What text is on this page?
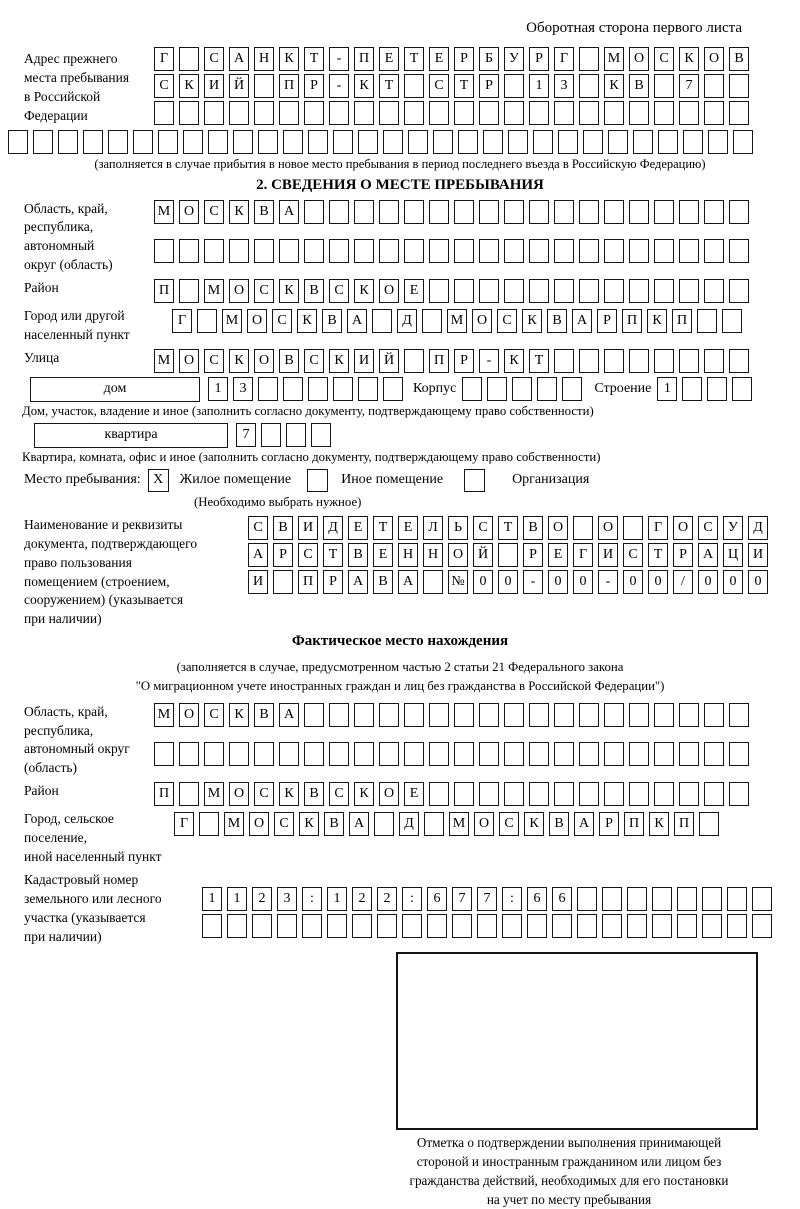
Оборотная сторона первого листа
Адрес прежнего
места пребывания
в Российской
Федерации
Г	С	А	Н	К	Т	-	П	Е	Т	Е	Р	Б	У	Р	Г	М О	С	К	О	В
С	К	И	Й	П	Р	-	К	Т	С	Т	Р	1	3	К	В	7
(заполняется в случае прибытия в новое место пребывания в период последнего въезда в Российскую Федерацию)
2. СВЕДЕНИЯ О МЕСТЕ ПРЕБЫВАНИЯ
Область, край,
республика,
автономный
округ (область)
М О	С	К	В	А
Район	П	М О	С	К	В	С	К	О	Е
Город или другой
населенный пункт
Г	М О	С	К	В	А	Д	М О	С	К	В	А	Р	П	К	П
Улица	М О	С	К	О	В	С	К	И	Й	П	Р	-	К	Т
дом	1	3	Корпус	Строение 1
Дом, участок, владение и иное (заполнить согласно документу, подтверждающему право собственности)
квартира	7
Квартира, комната, офис и иное (заполнить согласно документу, подтверждающему право собственности)
Место пребывания: X	Жилое помещение	Иное помещение	Организация
(Необходимо выбрать нужное)
Наименование и реквизиты
документа, подтверждающего
право пользования
помещением (строением,
сооружением) (указывается
при наличии)
С	В	И	Д	Е	Т	Е	Л	Ь	С	Т	В	О	О	Г	О	С	У	Д
А	Р	С	Т	В	Е	Н	Н	О	Й	Р	Е	Г	И	С	Т	Р	А	Ц	И
И	П	Р	А	В	А	№	0	0	-	0	0	-	0	0	/	0	0	0
Фактическое место нахождения
(заполняется в случае, предусмотренном частью 2 статьи 21 Федерального закона
"О миграционном учете иностранных граждан и лиц без гражданства в Российской Федерации")
Область, край,
республика,
автономный округ
(область)
М О	С	К	В	А
Район	П	М О	С	К	В	С	К	О	Е
Город, сельское поселение,
иной населенный пункт
Г	М О	С	К	В	А	Д	М О	С	К	В	А	Р	П	К	П
Кадастровый номер
земельного или лесного
участка (указывается
при наличии)
1	1	2	3	:	1	2	2	:	6	7	7	:	6	6
Отметка о подтверждении выполнения принимающей
стороной и иностранным гражданином или лицом без
гражданства действий, необходимых для его постановки
на учет по месту пребывания
